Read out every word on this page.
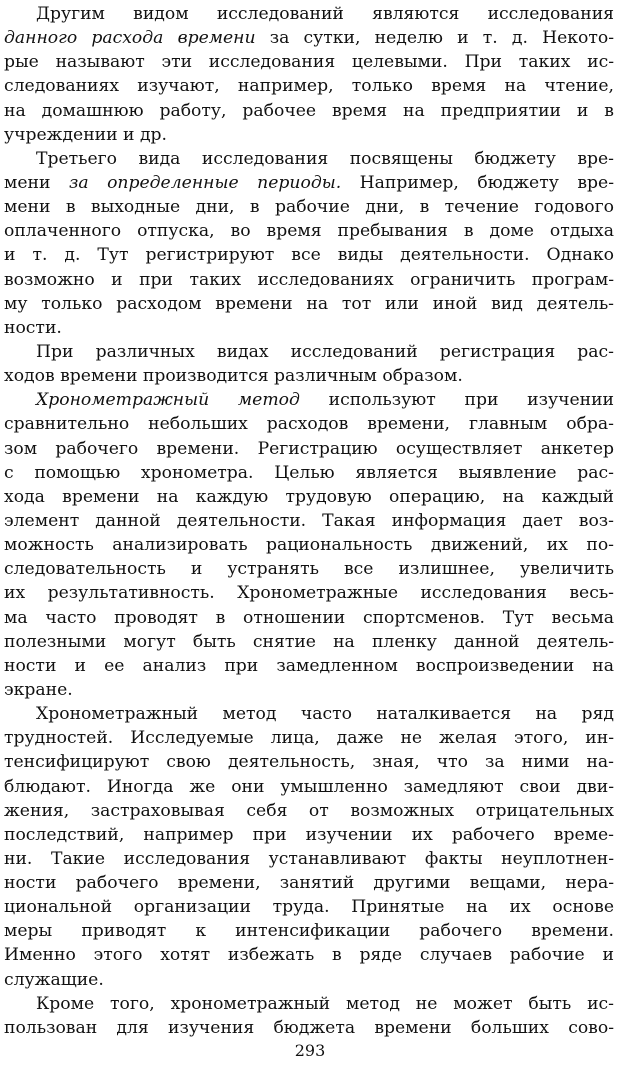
Другим видом исследований являются исследования
данного расхода времени за сутки, неделю и т. д. Некото-
рые называют эти исследования целевыми. При таких ис-
следованиях изучают, например, только время на чтение,
на домашнюю работу, рабочее время на предприятии и в
учреждении и др.
Третьего вида исследования посвящены бюджету вре-
мени за определенные периоды. Например, бюджету вре-
мени в выходные дни, в рабочие дни, в течение годового
оплаченного отпуска, во время пребывания в доме отдыха
и т. д. Тут регистрируют все виды деятельности. Однако
возможно и при таких исследованиях ограничить програм-
му только расходом времени на тот или иной вид деятель-
ности.
При различных видах исследований регистрация рас-
ходов времени производится различным образом.
Хронометражный метод используют при изучении
сравнительно небольших расходов времени, главным обра-
зом рабочего времени. Регистрацию осуществляет анкетер
с помощью хронометра. Целью является выявление рас-
хода времени на каждую трудовую операцию, на каждый
элемент данной деятельности. Такая информация дает воз-
можность анализировать рациональность движений, их по-
следовательность и устранять все излишнее, увеличить
их результативность. Хронометражные исследования весь-
ма часто проводят в отношении спортсменов. Тут весьма
полезными могут быть снятие на пленку данной деятель-
ности и ее анализ при замедленном воспроизведении на
экране.
Хронометражный метод часто наталкивается на ряд
трудностей. Исследуемые лица, даже не желая этого, ин-
тенсифицируют свою деятельность, зная, что за ними на-
блюдают. Иногда же они умышленно замедляют свои дви-
жения, застраховывая себя от возможных отрицательных
последствий, например при изучении их рабочего време-
ни. Такие исследования устанавливают факты неуплотнен-
ности рабочего времени, занятий другими вещами, нера-
циональной организации труда. Принятые на их основе
меры приводят к интенсификации рабочего времени.
Именно этого хотят избежать в ряде случаев рабочие и
служащие.
Кроме того, хронометражный метод не может быть ис-
пользован для изучения бюджета времени больших сово-
293
